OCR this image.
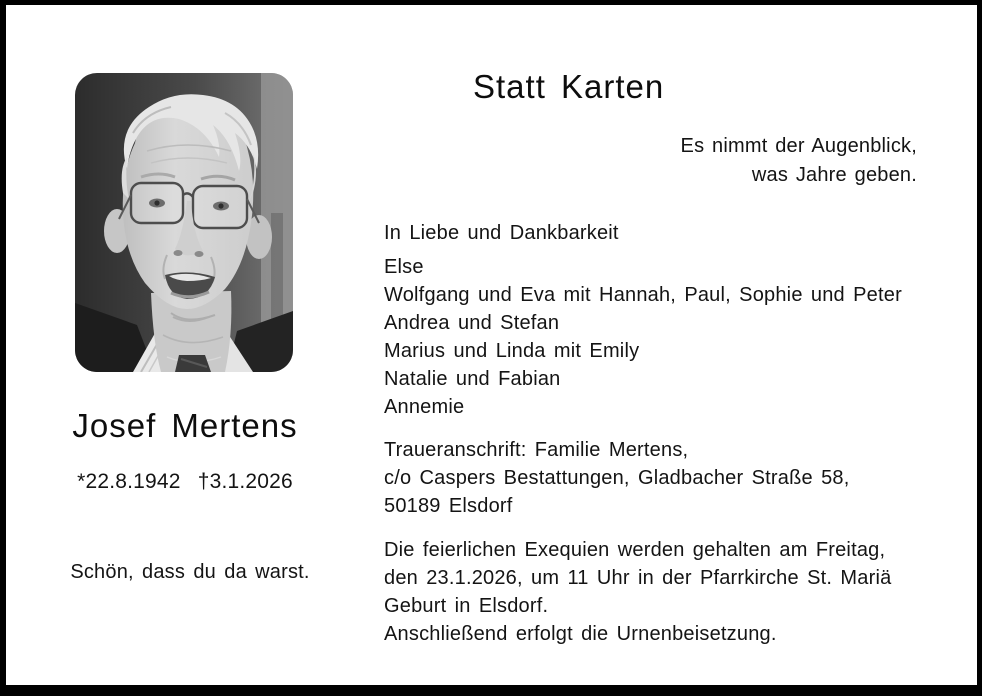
Josef Mertens
*22.8.1942 †3.1.2026
Schön, dass du da warst.
Statt Karten
Es nimmt der Augenblick,
was Jahre geben.
In Liebe und Dankbarkeit
Else
Wolfgang und Eva mit Hannah, Paul, Sophie und Peter
Andrea und Stefan
Marius und Linda mit Emily
Natalie und Fabian
Annemie
Traueranschrift: Familie Mertens,
c/o Caspers Bestattungen, Gladbacher Straße 58,
50189 Elsdorf
Die feierlichen Exequien werden gehalten am Freitag,
den 23.1.2026, um 11 Uhr in der Pfarrkirche St. Mariä
Geburt in Elsdorf.
Anschließend erfolgt die Urnenbeisetzung.
